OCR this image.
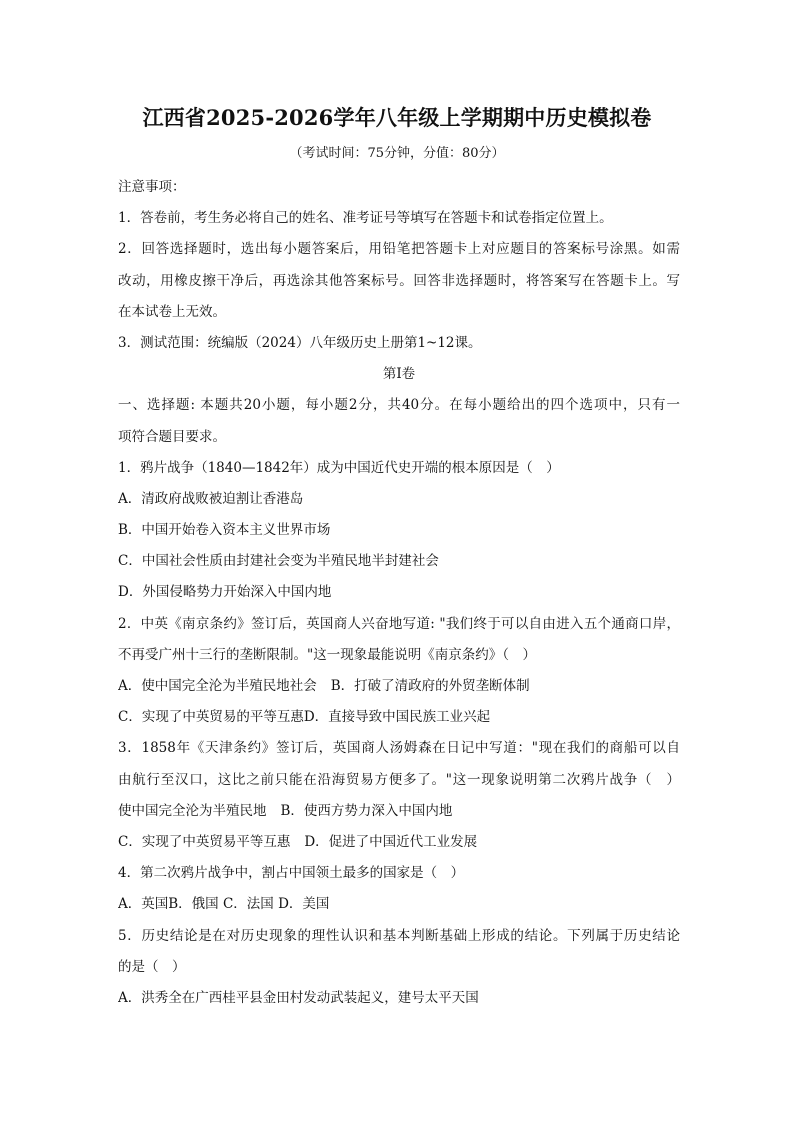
江西省2025-2026学年八年级上学期期中历史模拟卷
（考试时间：75分钟，分值：80分）
注意事项：
1．答卷前，考生务必将自己的姓名、准考证号等填写在答题卡和试卷指定位置上。
2．回答选择题时，选出每小题答案后，用铅笔把答题卡上对应题目的答案标号涂黑。如需
改动，用橡皮擦干净后，再选涂其他答案标号。回答非选择题时，将答案写在答题卡上。写
在本试卷上无效。
3．测试范围：统编版（2024）八年级历史上册第1~12课。
第Ⅰ卷
一、选择题: 本题共20小题，每小题2分，共40分。在每小题给出的四个选项中，只有一
项符合题目要求。
1．鸦片战争（1840—1842年）成为中国近代史开端的根本原因是（　）
A．清政府战败被迫割让香港岛
B．中国开始卷入资本主义世界市场
C．中国社会性质由封建社会变为半殖民地半封建社会
D．外国侵略势力开始深入中国内地
2．中英《南京条约》签订后，英国商人兴奋地写道: "我们终于可以自由进入五个通商口岸，
不再受广州十三行的垄断限制。"这一现象最能说明《南京条约》（　）
A．使中国完全沦为半殖民地社会 B．打破了清政府的外贸垄断体制
C．实现了中英贸易的平等互惠D．直接导致中国民族工业兴起
3．1858年《天津条约》签订后，英国商人汤姆森在日记中写道："现在我们的商船可以自
由航行至汉口，这比之前只能在沿海贸易方便多了。"这一现象说明第二次鸦片战争（　）
使中国完全沦为半殖民地 B．使西方势力深入中国内地
C．实现了中英贸易平等互惠 D．促进了中国近代工业发展
4．第二次鸦片战争中，割占中国领土最多的国家是（　）
A．英国B．俄国 C．法国 D．美国
5．历史结论是在对历史现象的理性认识和基本判断基础上形成的结论。下列属于历史结论
的是（　）
A．洪秀全在广西桂平县金田村发动武装起义，建号太平天国
